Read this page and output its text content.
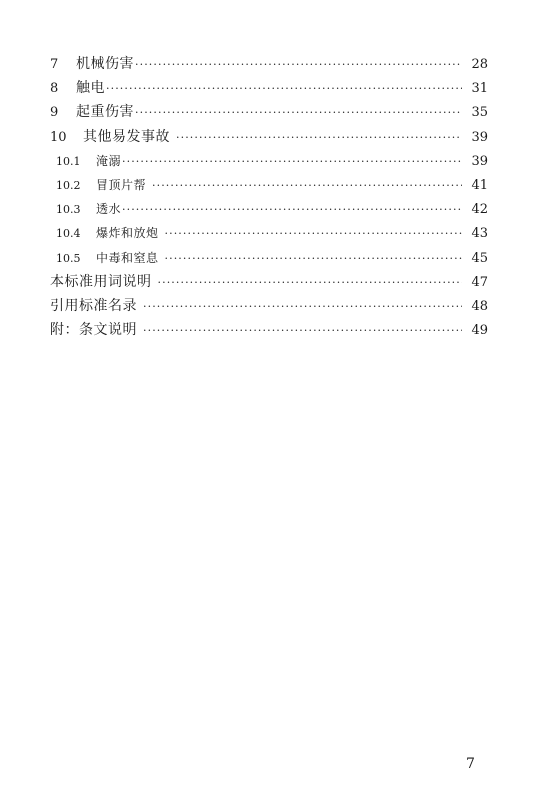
7	机械伤害 ·····	28
8	触电 ·····	31
9	起重伤害 ·····	35
10	其他易发事故 ·····	39
10.1	淹溺 ·····	39
10.2	冒顶片帮 ·····	41
10.3	透水 ·····	42
10.4	爆炸和放炮 ·····	43
10.5	中毒和窒息 ·····	45
本标准用词说明 ·····	47
引用标准名录 ·····	48
附：条文说明 ·····	49
7
